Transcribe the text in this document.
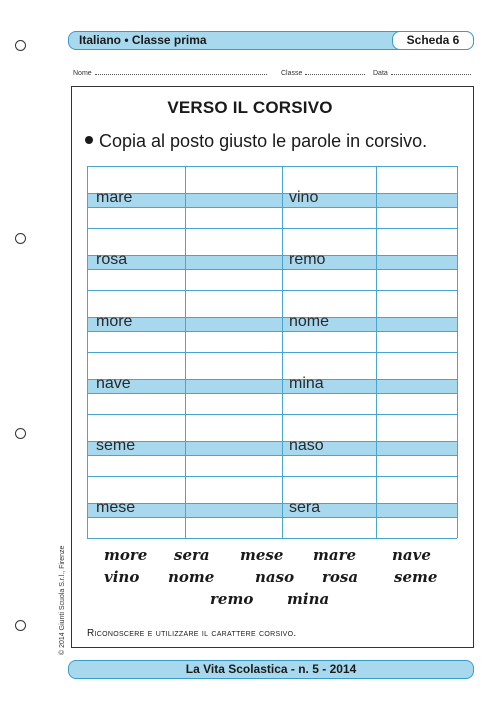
Italiano • Classe prima	Scheda 6
Nome	Classe	Data
VERSO IL CORSIVO
Copia al posto giusto le parole in corsivo.
mare	vino
rosa	remo
more	nome
nave	mina
seme	naso
mese	sera
more sera mese mare nave
vino nome	naso rosa seme
remo mina
Riconoscere e utilizzare il carattere corsivo.
© 2014 Giunti Scuola S.r.l., Firenze
La Vita Scolastica - n. 5 - 2014
